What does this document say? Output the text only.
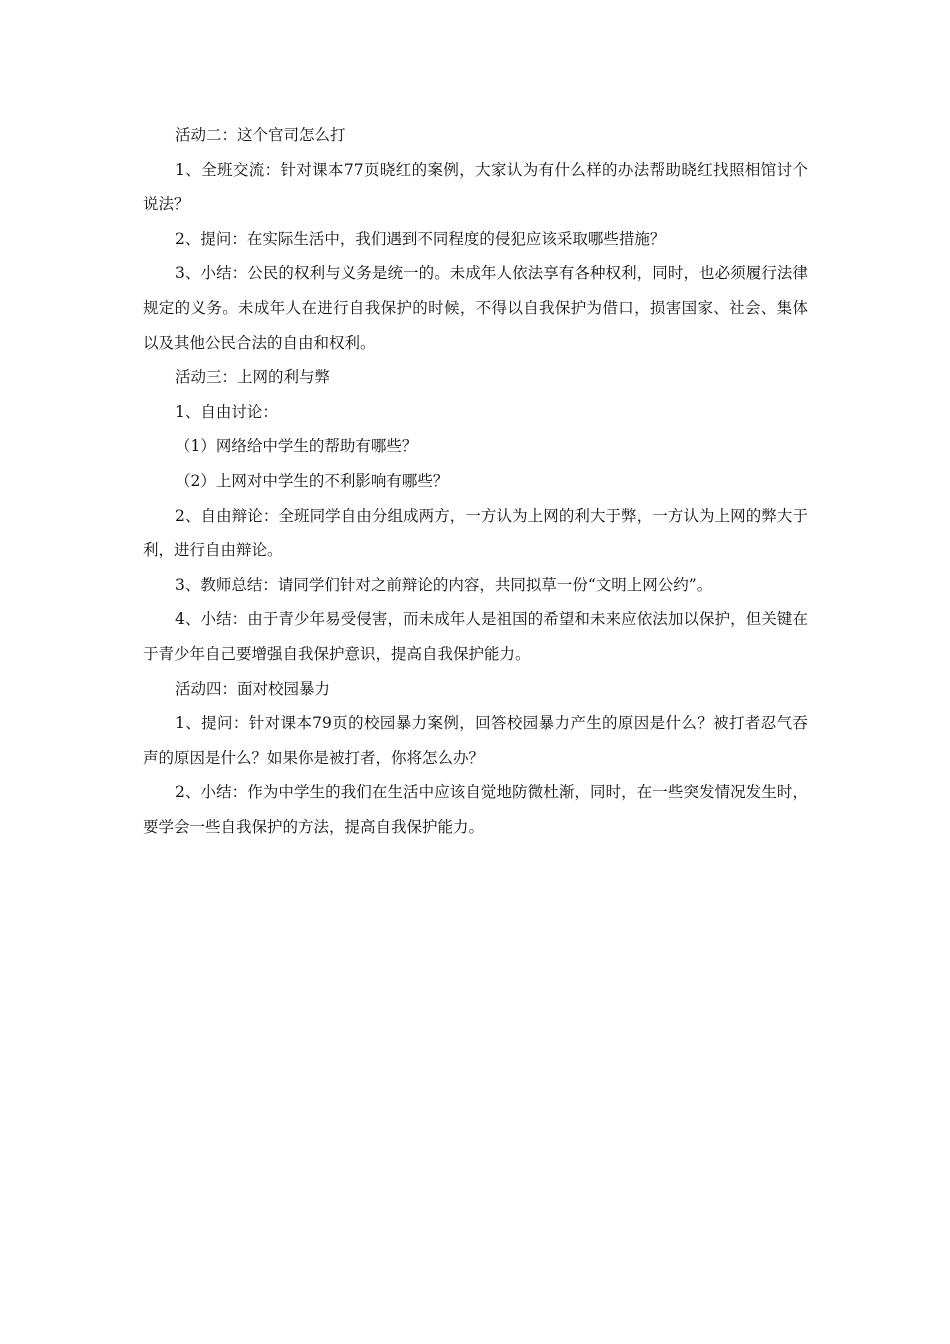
活动二：这个官司怎么打

1、全班交流：针对课本77页晓红的案例，大家认为有什么样的办法帮助晓红找照相馆讨个说法？

2、提问：在实际生活中，我们遇到不同程度的侵犯应该采取哪些措施？

3、小结：公民的权利与义务是统一的。未成年人依法享有各种权利，同时，也必须履行法律规定的义务。未成年人在进行自我保护的时候，不得以自我保护为借口，损害国家、社会、集体以及其他公民合法的自由和权利。

活动三：上网的利与弊

1、自由讨论：

（1）网络给中学生的帮助有哪些？

（2）上网对中学生的不利影响有哪些？

2、自由辩论：全班同学自由分组成两方，一方认为上网的利大于弊，一方认为上网的弊大于利，进行自由辩论。

3、教师总结：请同学们针对之前辩论的内容，共同拟草一份“文明上网公约”。

4、小结：由于青少年易受侵害，而未成年人是祖国的希望和未来应依法加以保护，但关键在于青少年自己要增强自我保护意识，提高自我保护能力。

活动四：面对校园暴力

1、提问：针对课本79页的校园暴力案例，回答校园暴力产生的原因是什么？被打者忍气吞声的原因是什么？如果你是被打者，你将怎么办？

2、小结：作为中学生的我们在生活中应该自觉地防微杜渐，同时，在一些突发情况发生时，要学会一些自我保护的方法，提高自我保护能力。
